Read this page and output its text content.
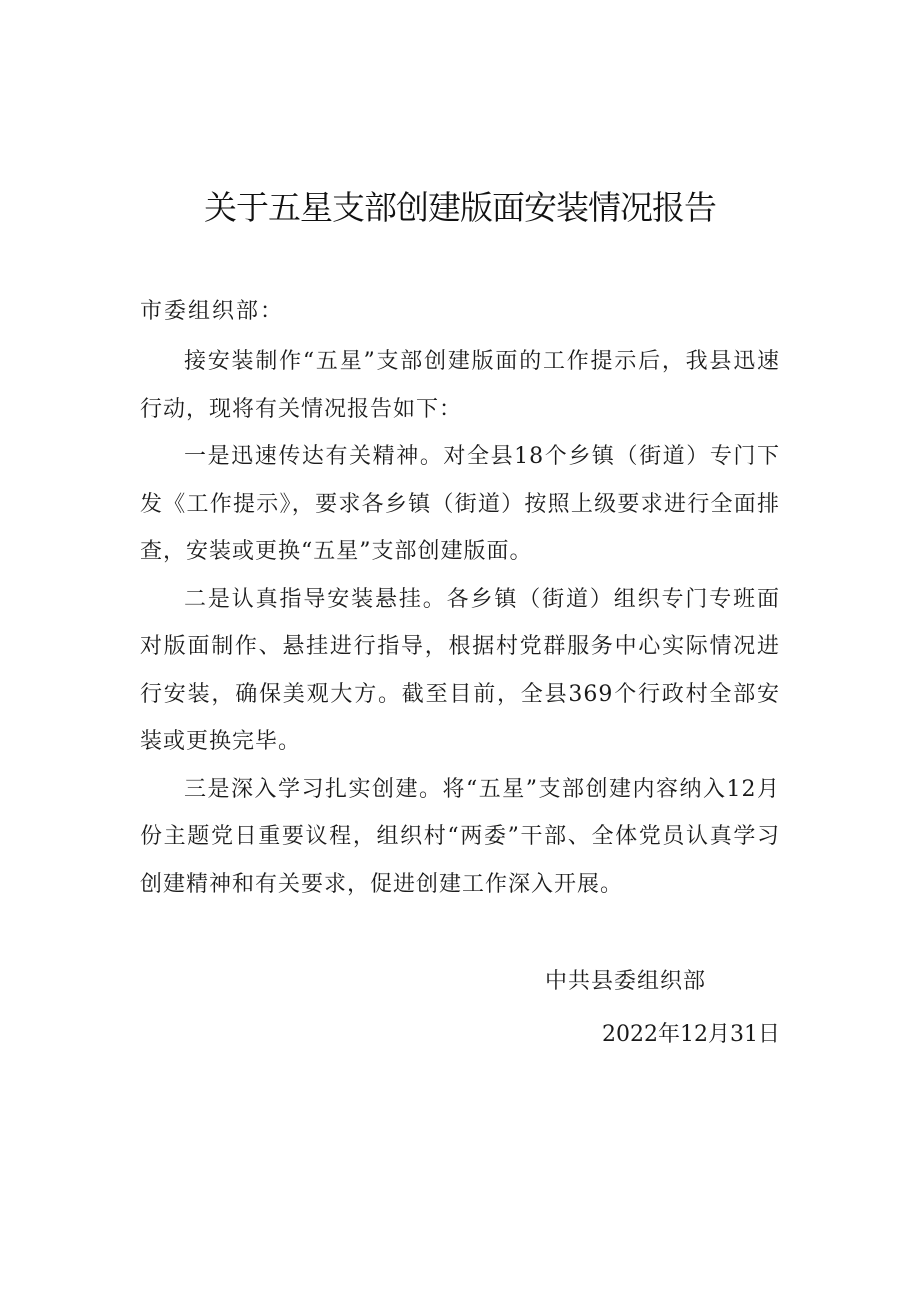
关于五星支部创建版面安装情况报告
市委组织部：

接安装制作“五星”支部创建版面的工作提示后，我县迅速行动，现将有关情况报告如下：

一是迅速传达有关精神。对全县18个乡镇（街道）专门下发《工作提示》，要求各乡镇（街道）按照上级要求进行全面排查，安装或更换“五星”支部创建版面。

二是认真指导安装悬挂。各乡镇（街道）组织专门专班面对版面制作、悬挂进行指导，根据村党群服务中心实际情况进行安装，确保美观大方。截至目前，全县369个行政村全部安装或更换完毕。

三是深入学习扎实创建。将“五星”支部创建内容纳入12月份主题党日重要议程，组织村“两委”干部、全体党员认真学习创建精神和有关要求，促进创建工作深入开展。

中共县委组织部
2022年12月31日
